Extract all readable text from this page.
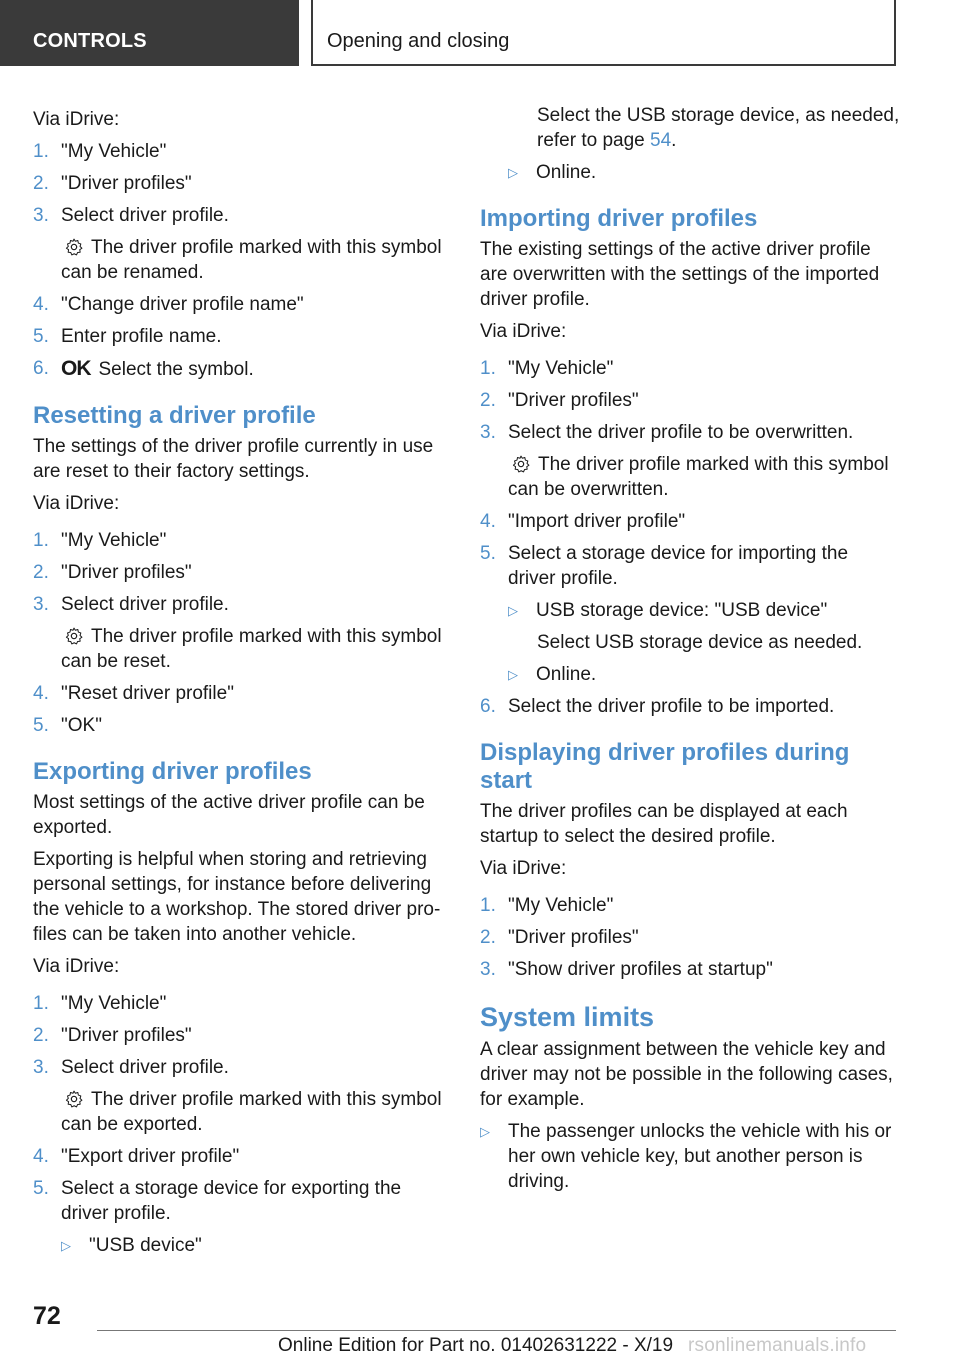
CONTROLS	Opening and closing

Via iDrive:

1. "My Vehicle"
2. "Driver profiles"
3. Select driver profile.
The driver profile marked with this symbol can be renamed.
4. "Change driver profile name"
5. Enter profile name.
6. OK Select the symbol.
Resetting a driver profile

The settings of the driver profile currently in use are reset to their factory settings.

Via iDrive:

1. "My Vehicle"
2. "Driver profiles"
3. Select driver profile.
The driver profile marked with this symbol can be reset.
4. "Reset driver profile"
5. "OK"
Exporting driver profiles

Most settings of the active driver profile can be exported.

Exporting is helpful when storing and retrieving personal settings, for instance before delivering the vehicle to a workshop. The stored driver pro-files can be taken into another vehicle.

Via iDrive:

1. "My Vehicle"
2. "Driver profiles"
3. Select driver profile.
The driver profile marked with this symbol can be exported.
4. "Export driver profile"
5. Select a storage device for exporting the driver profile.
▷ "USB device"
Select the USB storage device, as needed, refer to page 54.
▷ Online.
Importing driver profiles

The existing settings of the active driver profile are overwritten with the settings of the imported driver profile.

Via iDrive:

1. "My Vehicle"
2. "Driver profiles"
3. Select the driver profile to be overwritten.
The driver profile marked with this symbol can be overwritten.
4. "Import driver profile"
5. Select a storage device for importing the driver profile.
▷ USB storage device: "USB device"
Select USB storage device as needed.
▷ Online.
6. Select the driver profile to be imported.
Displaying driver profiles during start

The driver profiles can be displayed at each startup to select the desired profile.

Via iDrive:

1. "My Vehicle"
2. "Driver profiles"
3. "Show driver profiles at startup"
System limits

A clear assignment between the vehicle key and driver may not be possible in the following cases, for example.

▷ The passenger unlocks the vehicle with his or her own vehicle key, but another person is driving.
72
Online Edition for Part no. 01402631222 - X/19 rsonlinemanuals.info
